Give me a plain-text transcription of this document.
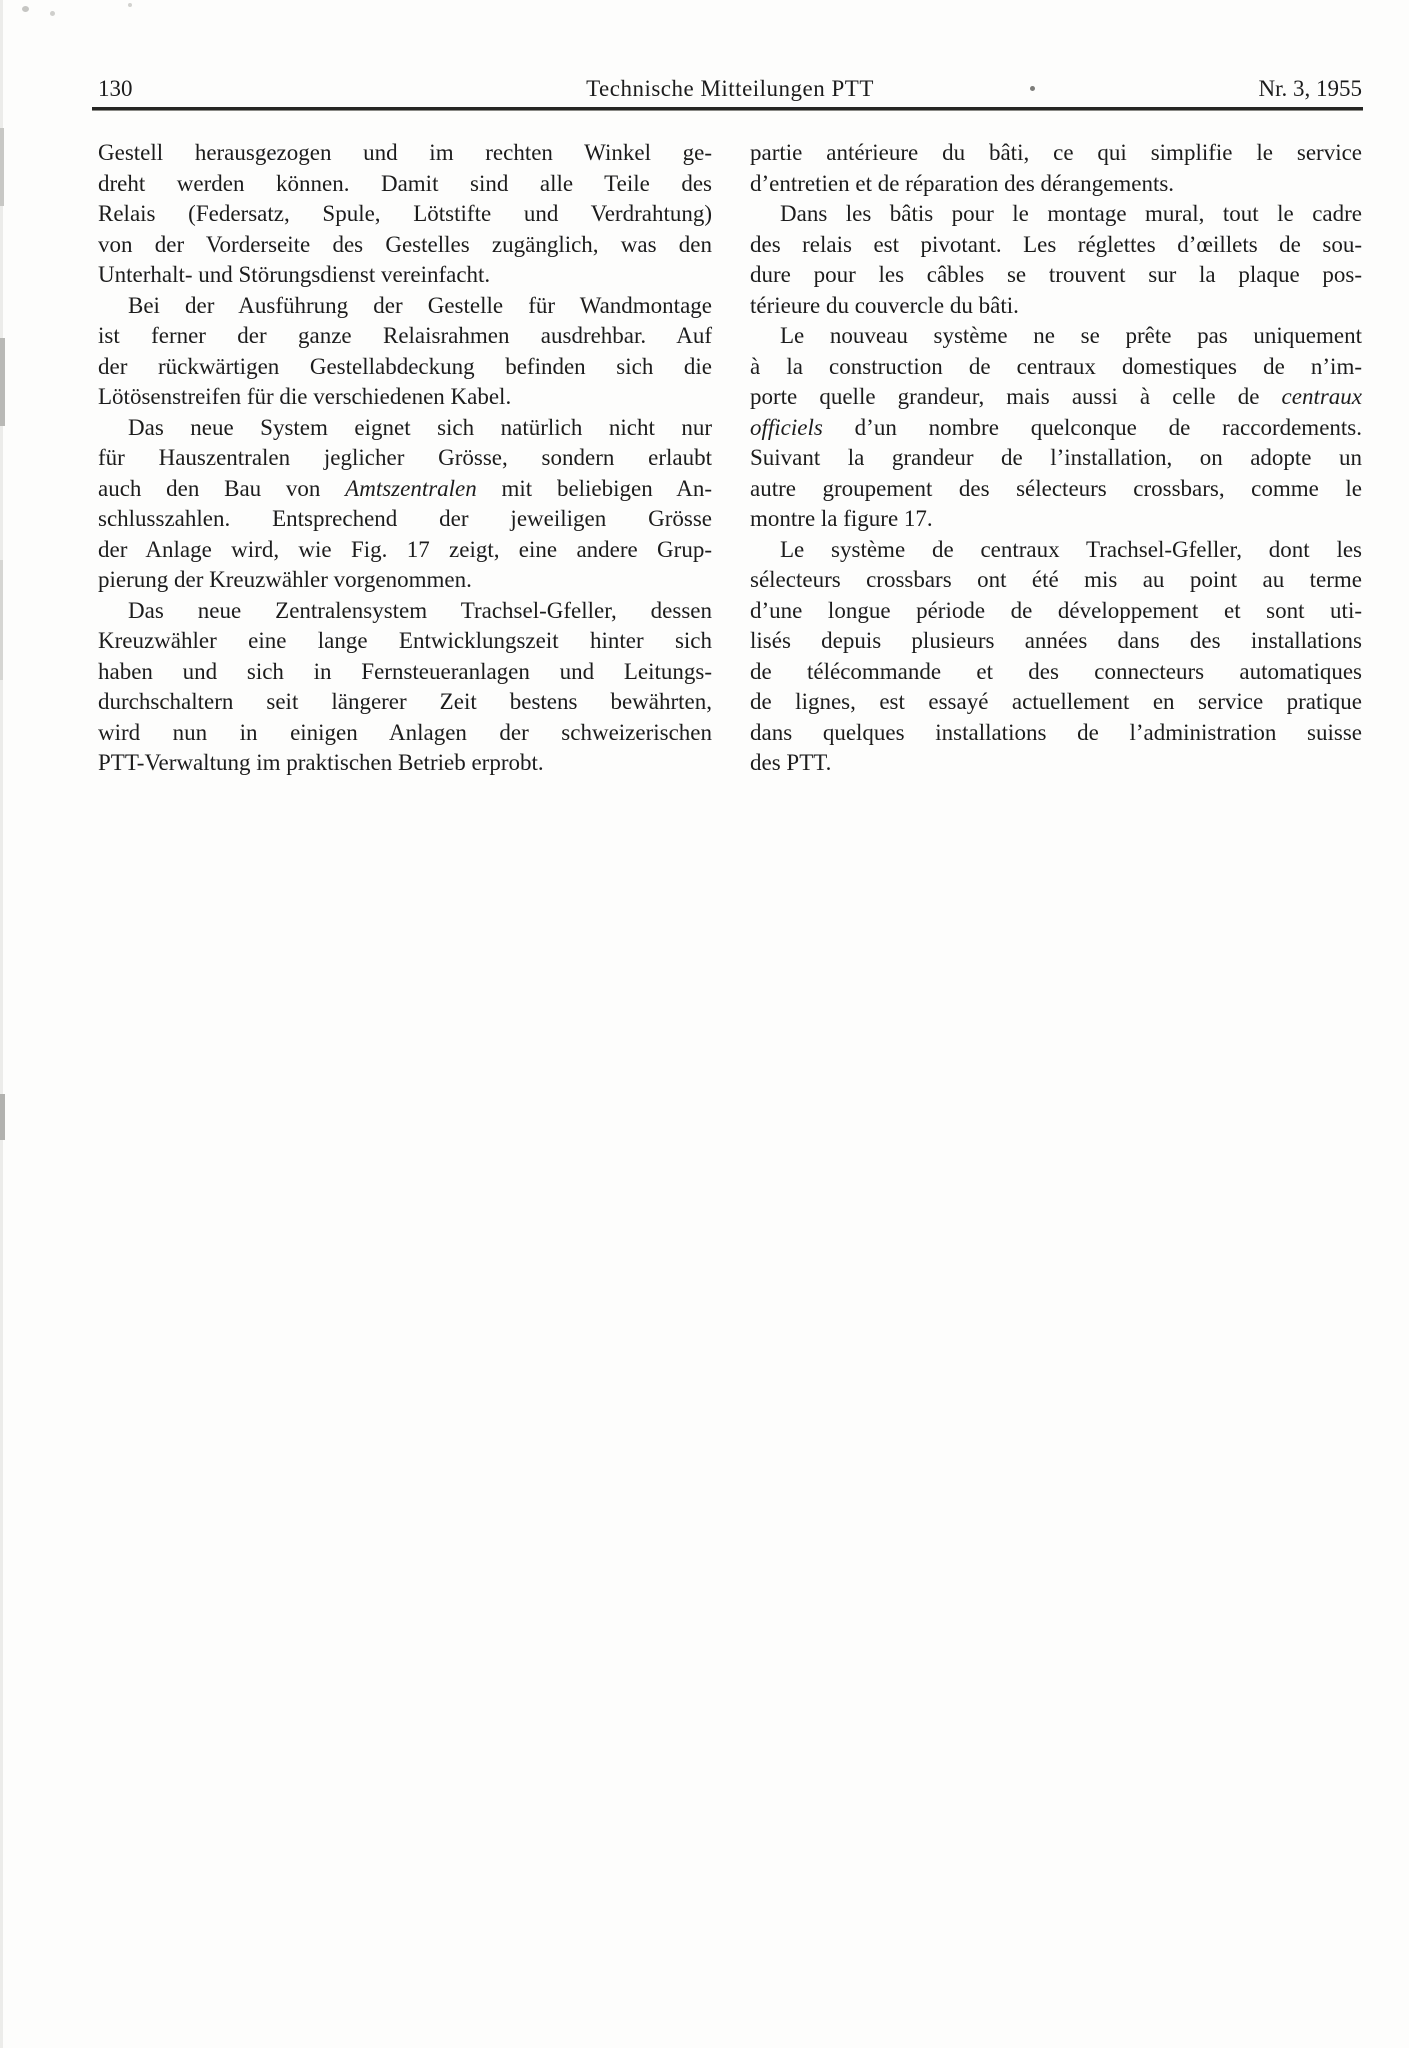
130	Technische Mitteilungen PTT	Nr. 3, 1955
Gestell herausgezogen und im rechten Winkel ge-
dreht werden können. Damit sind alle Teile des
Relais (Federsatz, Spule, Lötstifte und Verdrahtung)
von der Vorderseite des Gestelles zugänglich, was den
Unterhalt- und Störungsdienst vereinfacht.
Bei der Ausführung der Gestelle für Wandmontage
ist ferner der ganze Relaisrahmen ausdrehbar. Auf
der rückwärtigen Gestellabdeckung befinden sich die
Lötösenstreifen für die verschiedenen Kabel.
Das neue System eignet sich natürlich nicht nur
für Hauszentralen jeglicher Grösse, sondern erlaubt
auch den Bau von Amtszentralen mit beliebigen An-
schlusszahlen. Entsprechend der jeweiligen Grösse
der Anlage wird, wie Fig. 17 zeigt, eine andere Grup-
pierung der Kreuzwähler vorgenommen.
Das neue Zentralensystem Trachsel-Gfeller, dessen
Kreuzwähler eine lange Entwicklungszeit hinter sich
haben und sich in Fernsteueranlagen und Leitungs-
durchschaltern seit längerer Zeit bestens bewährten,
wird nun in einigen Anlagen der schweizerischen
PTT-Verwaltung im praktischen Betrieb erprobt.
partie antérieure du bâti, ce qui simplifie le service
d’entretien et de réparation des dérangements.
Dans les bâtis pour le montage mural, tout le cadre
des relais est pivotant. Les réglettes d’œillets de sou-
dure pour les câbles se trouvent sur la plaque pos-
térieure du couvercle du bâti.
Le nouveau système ne se prête pas uniquement
à la construction de centraux domestiques de n’im-
porte quelle grandeur, mais aussi à celle de centraux
officiels d’un nombre quelconque de raccordements.
Suivant la grandeur de l’installation, on adopte un
autre groupement des sélecteurs crossbars, comme le
montre la figure 17.
Le système de centraux Trachsel-Gfeller, dont les
sélecteurs crossbars ont été mis au point au terme
d’une longue période de développement et sont uti-
lisés depuis plusieurs années dans des installations
de télécommande et des connecteurs automatiques
de lignes, est essayé actuellement en service pratique
dans quelques installations de l’administration suisse
des PTT.
